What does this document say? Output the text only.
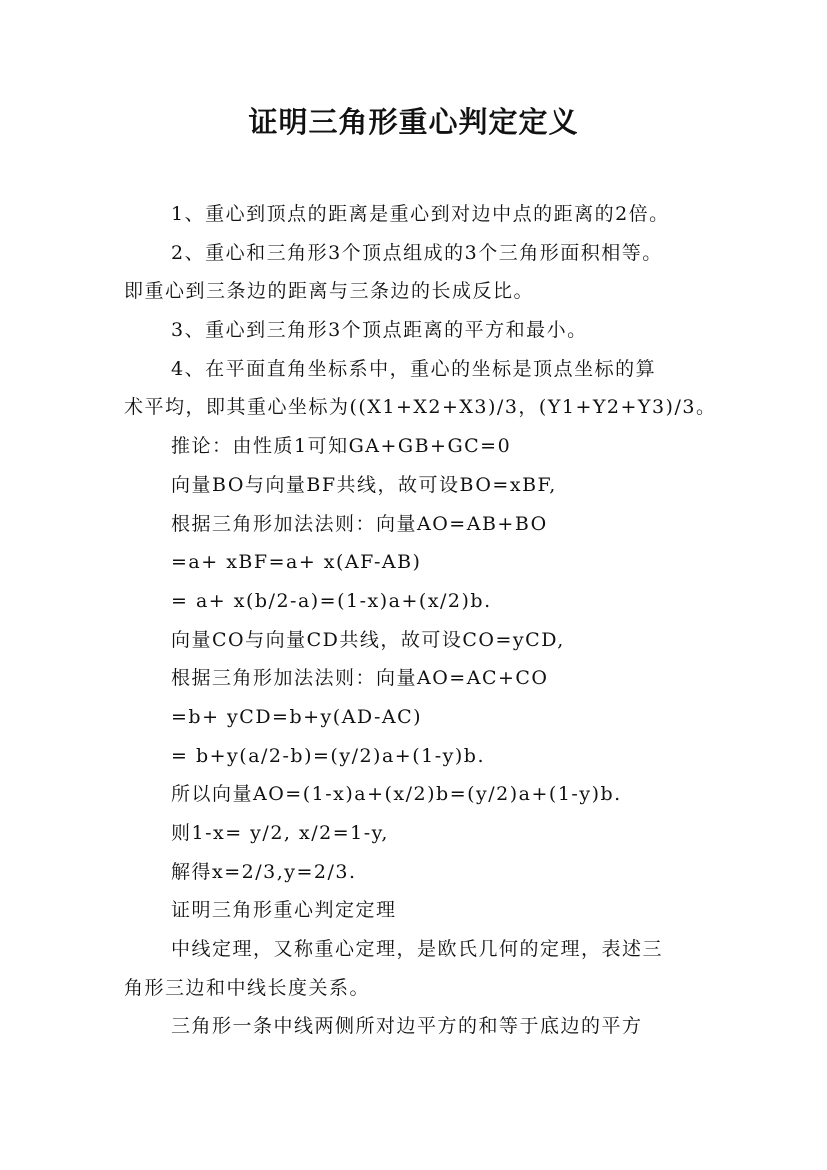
证明三角形重心判定定义
1、重心到顶点的距离是重心到对边中点的距离的2倍。
2、重心和三角形3个顶点组成的3个三角形面积相等。
即重心到三条边的距离与三条边的长成反比。
3、重心到三角形3个顶点距离的平方和最小。
4、在平面直角坐标系中，重心的坐标是顶点坐标的算
术平均，即其重心坐标为((X1+X2+X3)/3，(Y1+Y2+Y3)/3。
推论：由性质1可知GA+GB+GC=0
向量BO与向量BF共线，故可设BO=xBF,
根据三角形加法法则：向量AO=AB+BO
=a+ xBF=a+ x(AF-AB)
= a+ x(b/2-a)=(1-x)a+(x/2)b.
向量CO与向量CD共线，故可设CO=yCD,
根据三角形加法法则：向量AO=AC+CO
=b+ yCD=b+y(AD-AC)
= b+y(a/2-b)=(y/2)a+(1-y)b.
所以向量AO=(1-x)a+(x/2)b=(y/2)a+(1-y)b.
则1-x= y/2, x/2=1-y,
解得x=2/3,y=2/3.
证明三角形重心判定定理
中线定理，又称重心定理，是欧氏几何的定理，表述三
角形三边和中线长度关系。
三角形一条中线两侧所对边平方的和等于底边的平方
